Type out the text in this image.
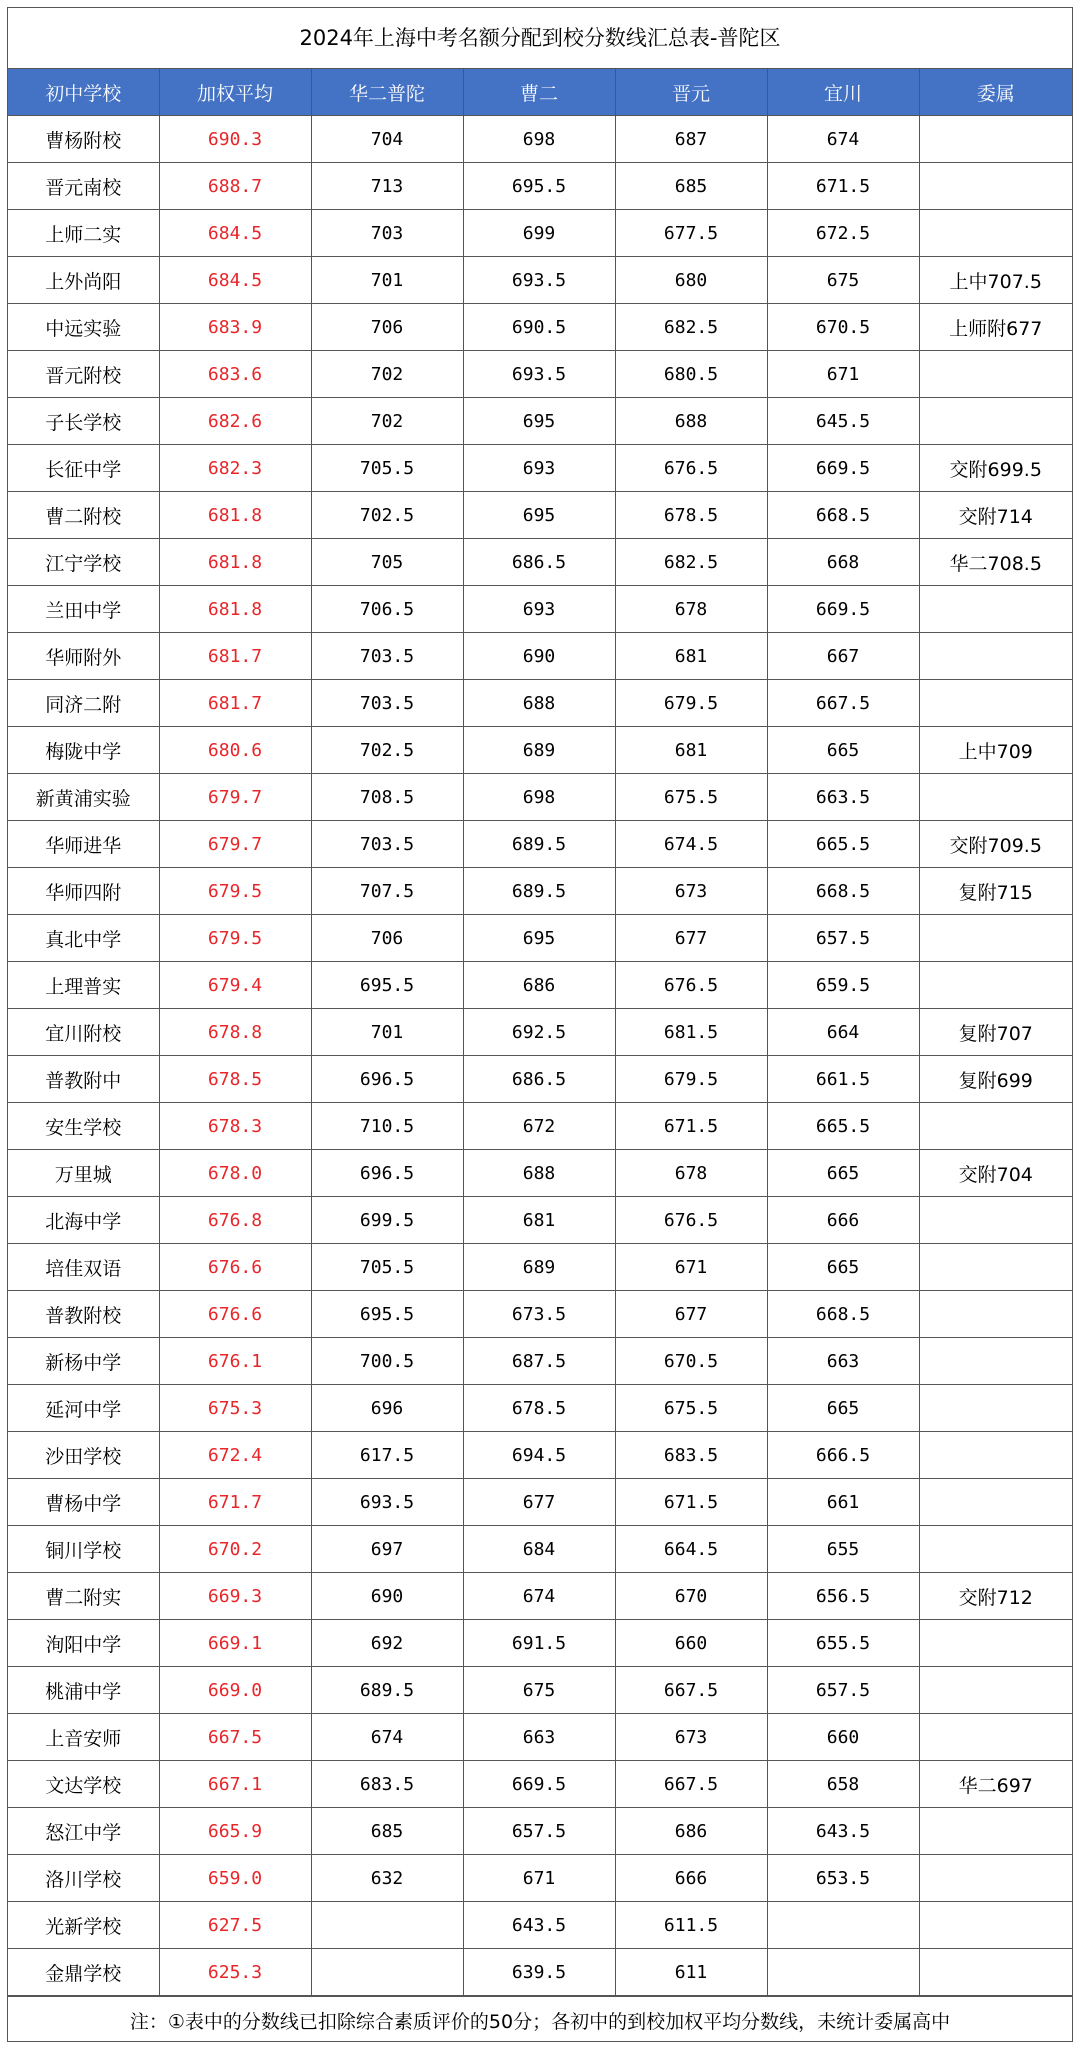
2024年上海中考名额分配到校分数线汇总表-普陀区
初中学校	加权平均	华二普陀	曹二	晋元	宜川	委属
曹杨附校	690.3	704	698	687	674	
晋元南校	688.7	713	695.5	685	671.5	
上师二实	684.5	703	699	677.5	672.5	
上外尚阳	684.5	701	693.5	680	675	上中707.5
中远实验	683.9	706	690.5	682.5	670.5	上师附677
晋元附校	683.6	702	693.5	680.5	671	
子长学校	682.6	702	695	688	645.5	
长征中学	682.3	705.5	693	676.5	669.5	交附699.5
曹二附校	681.8	702.5	695	678.5	668.5	交附714
江宁学校	681.8	705	686.5	682.5	668	华二708.5
兰田中学	681.8	706.5	693	678	669.5	
华师附外	681.7	703.5	690	681	667	
同济二附	681.7	703.5	688	679.5	667.5	
梅陇中学	680.6	702.5	689	681	665	上中709
新黄浦实验	679.7	708.5	698	675.5	663.5	
华师进华	679.7	703.5	689.5	674.5	665.5	交附709.5
华师四附	679.5	707.5	689.5	673	668.5	复附715
真北中学	679.5	706	695	677	657.5	
上理普实	679.4	695.5	686	676.5	659.5	
宜川附校	678.8	701	692.5	681.5	664	复附707
普教附中	678.5	696.5	686.5	679.5	661.5	复附699
安生学校	678.3	710.5	672	671.5	665.5	
万里城	678.0	696.5	688	678	665	交附704
北海中学	676.8	699.5	681	676.5	666	
培佳双语	676.6	705.5	689	671	665	
普教附校	676.6	695.5	673.5	677	668.5	
新杨中学	676.1	700.5	687.5	670.5	663	
延河中学	675.3	696	678.5	675.5	665	
沙田学校	672.4	617.5	694.5	683.5	666.5	
曹杨中学	671.7	693.5	677	671.5	661	
铜川学校	670.2	697	684	664.5	655	
曹二附实	669.3	690	674	670	656.5	交附712
洵阳中学	669.1	692	691.5	660	655.5	
桃浦中学	669.0	689.5	675	667.5	657.5	
上音安师	667.5	674	663	673	660	
文达学校	667.1	683.5	669.5	667.5	658	华二697
怒江中学	665.9	685	657.5	686	643.5	
洛川学校	659.0	632	671	666	653.5	
光新学校	627.5		643.5	611.5		
金鼎学校	625.3		639.5	611		
注：①表中的分数线已扣除综合素质评价的50分；各初中的到校加权平均分数线，未统计委属高中
